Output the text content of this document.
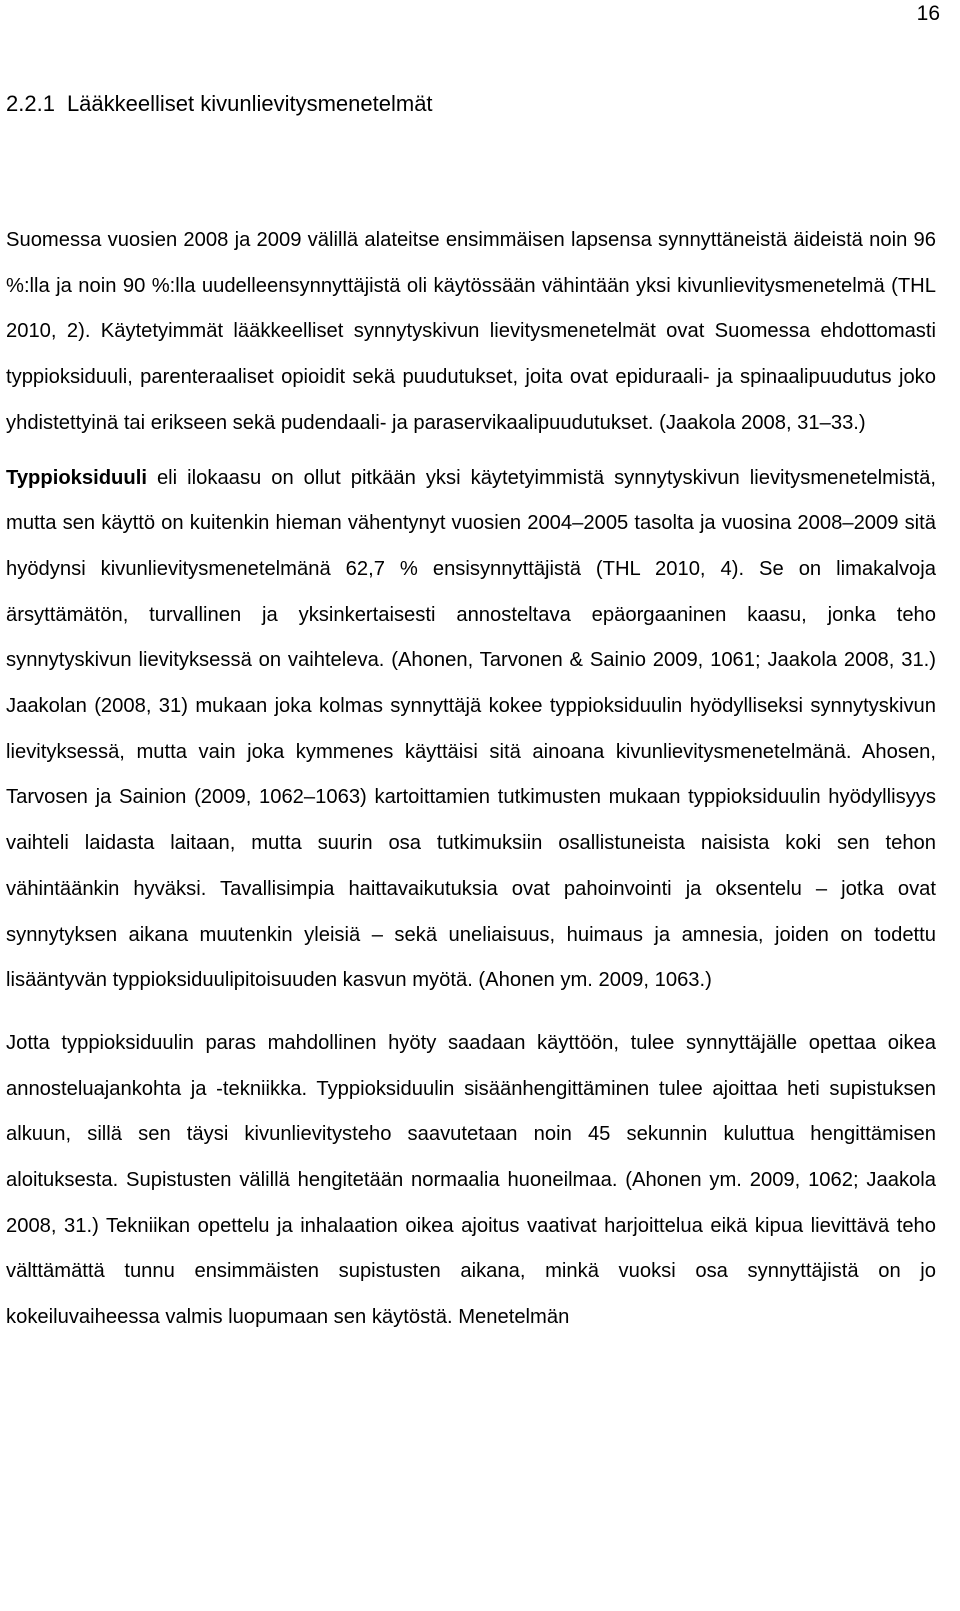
16
2.2.1 Lääkkeelliset kivunlievitysmenetelmät

Suomessa vuosien 2008 ja 2009 välillä alateitse ensimmäisen lapsensa synnyttäneistä äideistä noin 96 %:lla ja noin 90 %:lla uudelleensynnyttäjistä oli käytössään vähintään yksi kivunlievitysmenetelmä (THL 2010, 2). Käytetyimmät lääkkeelliset synnytyskivun lievitysmenetelmät ovat Suomessa ehdottomasti typpioksiduuli, parenteraaliset opioidit sekä puudutukset, joita ovat epiduraali- ja spinaalipuudutus joko yhdistettyinä tai erikseen sekä pudendaali- ja paraservikaalipuudutukset. (Jaakola 2008, 31–33.)

Typpioksiduuli eli ilokaasu on ollut pitkään yksi käytetyimmistä synnytyskivun lievitysmenetelmistä, mutta sen käyttö on kuitenkin hieman vähentynyt vuosien 2004–2005 tasolta ja vuosina 2008–2009 sitä hyödynsi kivunlievitysmenetelmänä 62,7 % ensisynnyttäjistä (THL 2010, 4). Se on limakalvoja ärsyttämätön, turvallinen ja yksinkertaisesti annosteltava epäorgaaninen kaasu, jonka teho synnytyskivun lievityksessä on vaihteleva. (Ahonen, Tarvonen & Sainio 2009, 1061; Jaakola 2008, 31.) Jaakolan (2008, 31) mukaan joka kolmas synnyttäjä kokee typpioksiduulin hyödylliseksi synnytyskivun lievityksessä, mutta vain joka kymmenes käyttäisi sitä ainoana kivunlievitysmenetelmänä. Ahosen, Tarvosen ja Sainion (2009, 1062–1063) kartoittamien tutkimusten mukaan typpioksiduulin hyödyllisyys vaihteli laidasta laitaan, mutta suurin osa tutkimuksiin osallistuneista naisista koki sen tehon vähintäänkin hyväksi. Tavallisimpia haittavaikutuksia ovat pahoinvointi ja oksentelu – jotka ovat synnytyksen aikana muutenkin yleisiä – sekä uneliaisuus, huimaus ja amnesia, joiden on todettu lisääntyvän typpioksiduulipitoisuuden kasvun myötä. (Ahonen ym. 2009, 1063.)

Jotta typpioksiduulin paras mahdollinen hyöty saadaan käyttöön, tulee synnyttäjälle opettaa oikea annosteluajankohta ja -tekniikka. Typpioksiduulin sisäänhengittäminen tulee ajoittaa heti supistuksen alkuun, sillä sen täysi kivunlievitysteho saavutetaan noin 45 sekunnin kuluttua hengittämisen aloituksesta. Supistusten välillä hengitetään normaalia huoneilmaa. (Ahonen ym. 2009, 1062; Jaakola 2008, 31.) Tekniikan opettelu ja inhalaation oikea ajoitus vaativat harjoittelua eikä kipua lievittävä teho välttämättä tunnu ensimmäisten supistusten aikana, minkä vuoksi osa synnyttäjistä on jo kokeiluvaiheessa valmis luopumaan sen käytöstä. Menetelmän
